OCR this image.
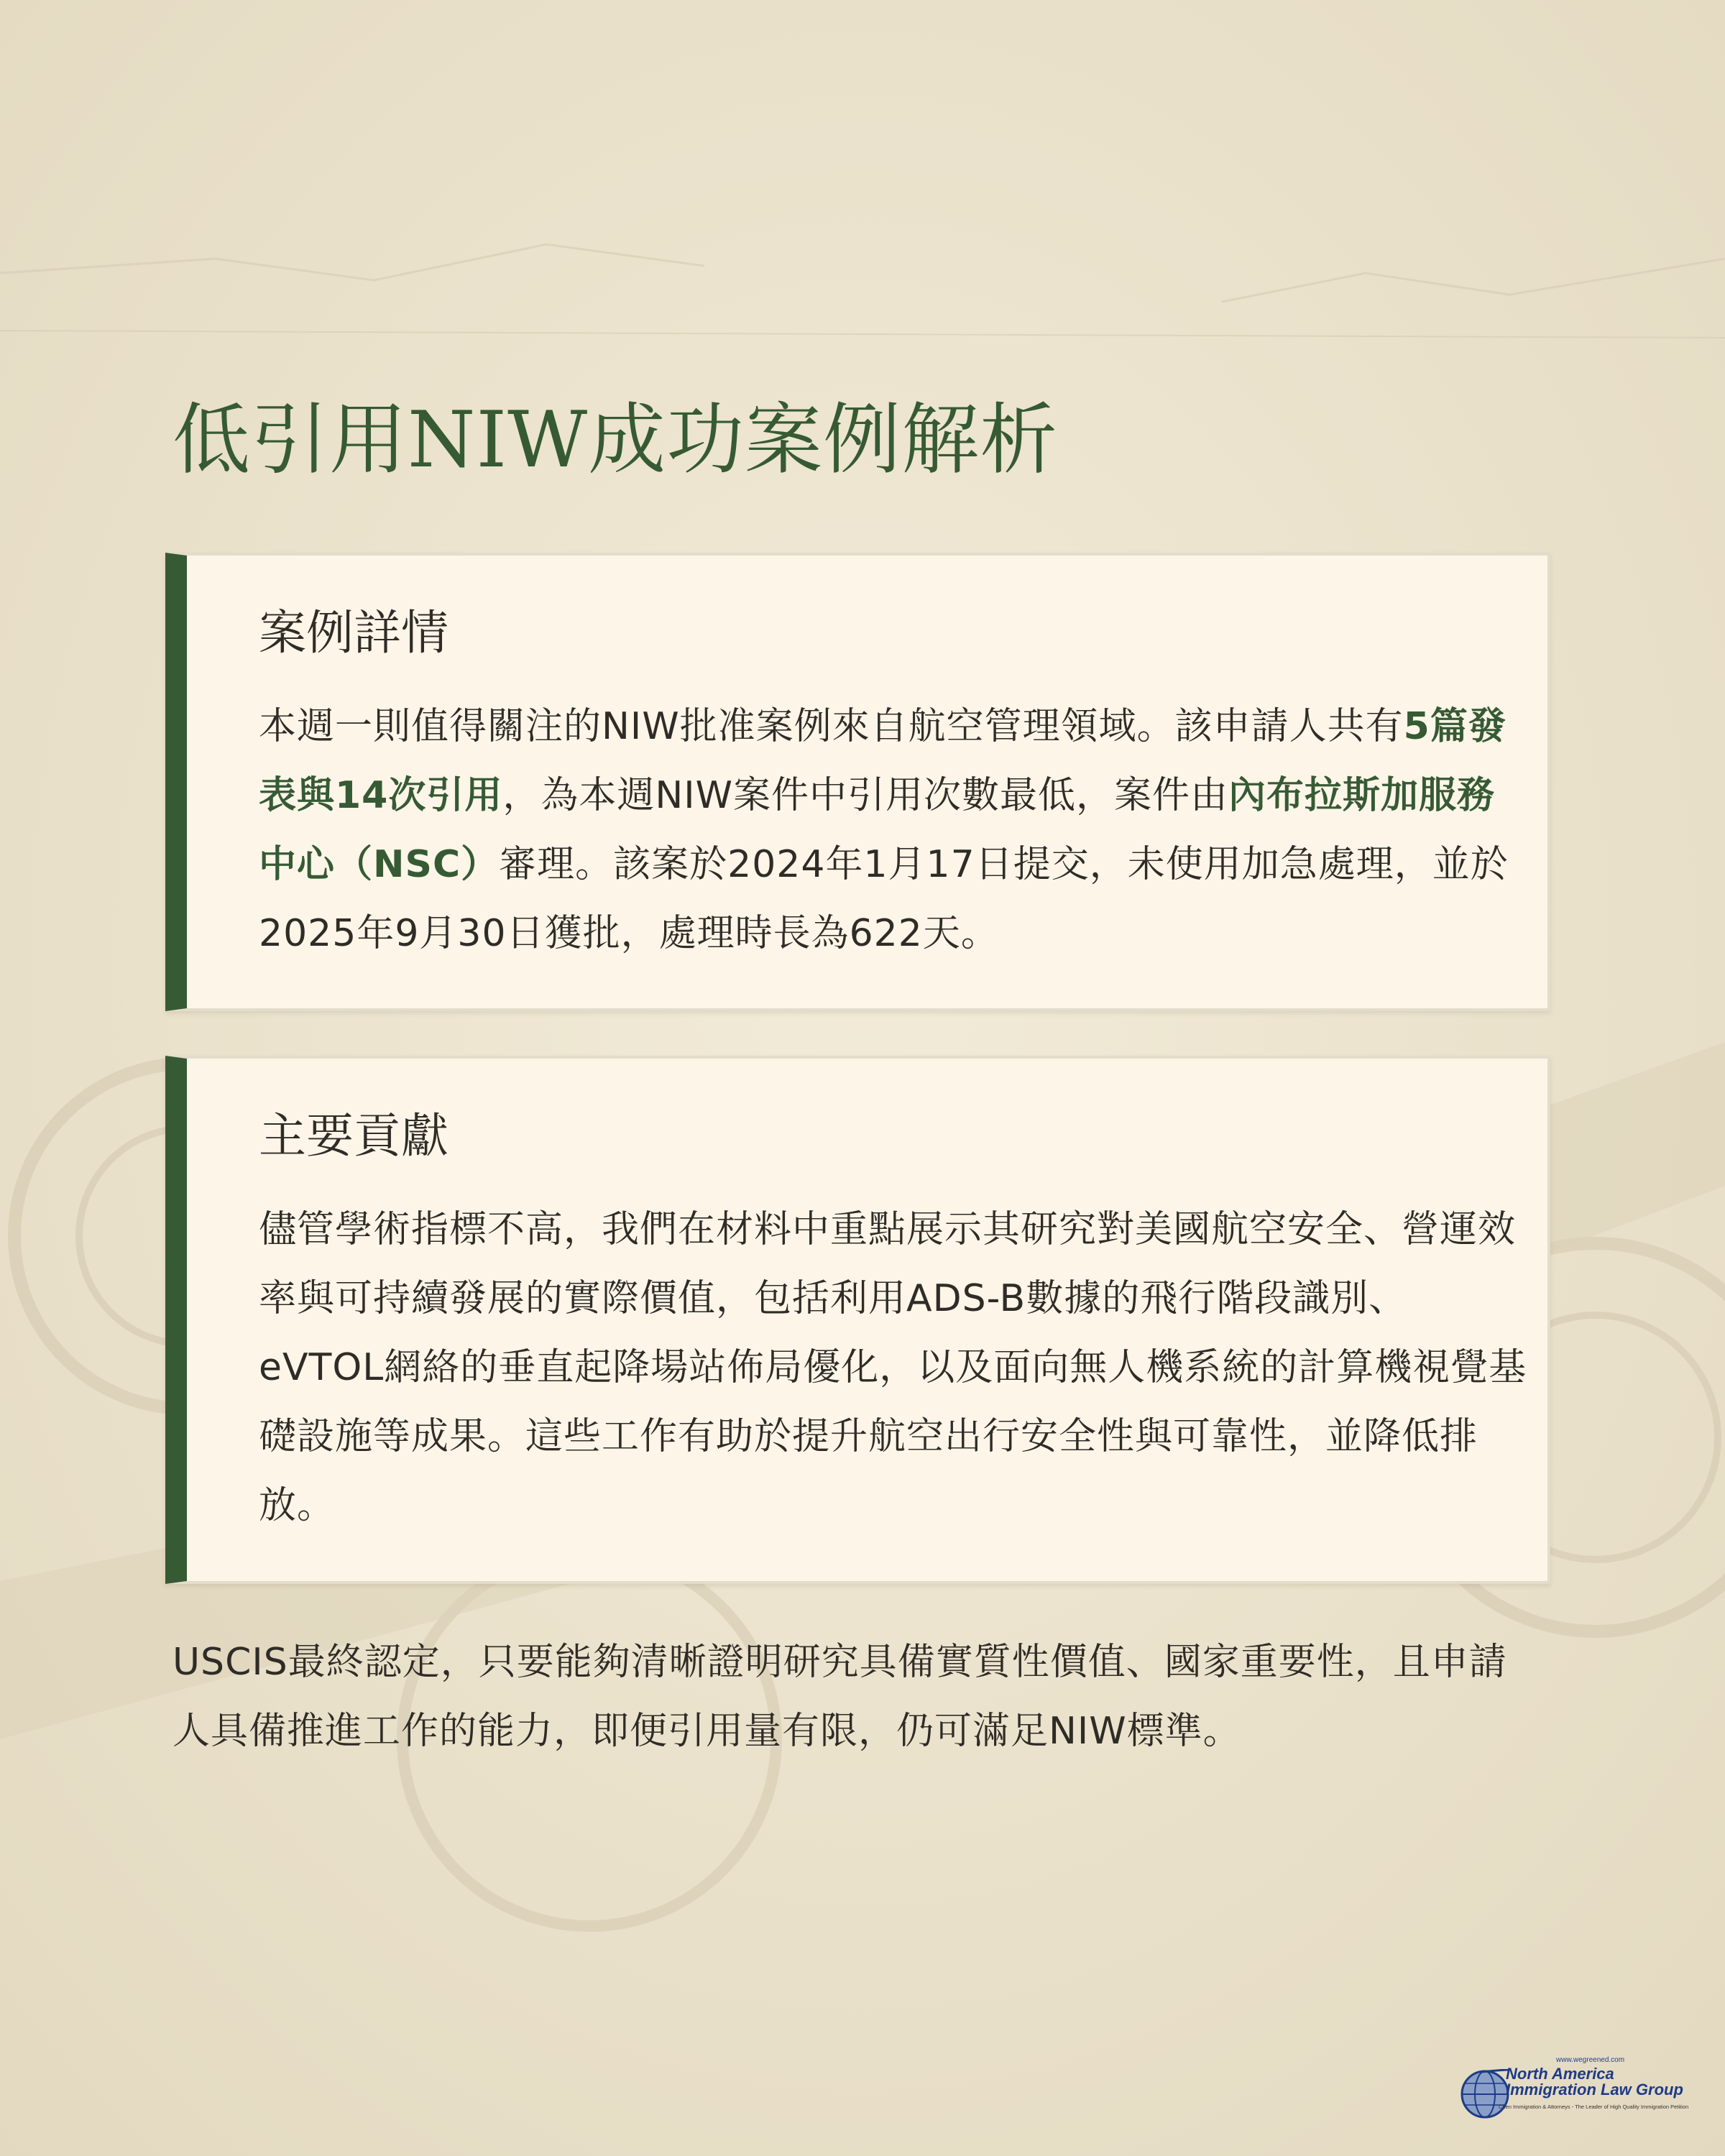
低引用NIW成功案例解析
案例詳情

本週一則值得關注的NIW批准案例來自航空管理領域。該申請人共有5篇發表與14次引用，為本週NIW案件中引用次數最低，案件由內布拉斯加服務中心（NSC）審理。該案於2024年1月17日提交，未使用加急處理，並於2025年9月30日獲批，處理時長為622天。

主要貢獻

儘管學術指標不高，我們在材料中重點展示其研究對美國航空安全、營運效率與可持續發展的實際價值，包括利用ADS-B數據的飛行階段識別、eVTOL網絡的垂直起降場站佈局優化，以及面向無人機系統的計算機視覺基礎設施等成果。這些工作有助於提升航空出行安全性與可靠性，並降低排放。

USCIS最終認定，只要能夠清晰證明研究具備實質性價值、國家重要性，且申請人具備推進工作的能力，即便引用量有限，仍可滿足NIW標準。

www.wegreened.com
North America
Immigration Law Group
Chen Immigration & Attorneys - The Leader of High Quality Immigration Petition
